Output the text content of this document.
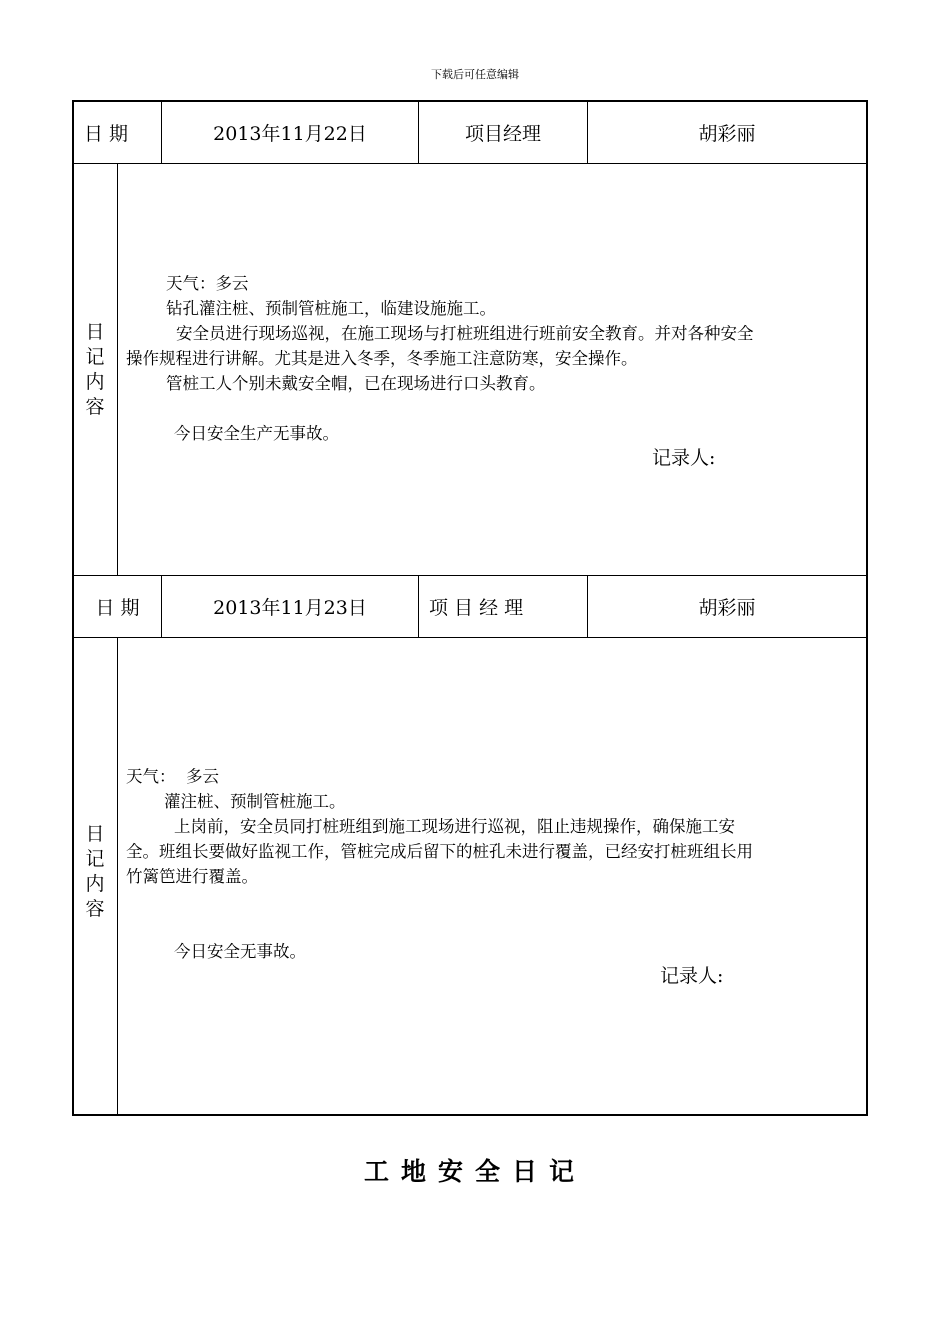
下载后可任意编辑
日 期	2013年11月22日	项目经理	胡彩丽
日
记
内
容

天气：多云

钻孔灌注桩、预制管桩施工，临建设施施工。

安全员进行现场巡视，在施工现场与打桩班组进行班前安全教育。并对各种安全

操作规程进行讲解。尤其是进入冬季，冬季施工注意防寒，安全操作。

管桩工人个别未戴安全帽，已在现场进行口头教育。

今日安全生产无事故。

记录人:
日 期	2013年11月23日	项 目 经 理	胡彩丽
日
记
内
容

天气：  多云

灌注桩、预制管桩施工。

上岗前，安全员同打桩班组到施工现场进行巡视，阻止违规操作，确保施工安

全。班组长要做好监视工作，管桩完成后留下的桩孔未进行覆盖，已经安打桩班组长用

竹篱笆进行覆盖。

今日安全无事故。

记录人:
工地安全日记
